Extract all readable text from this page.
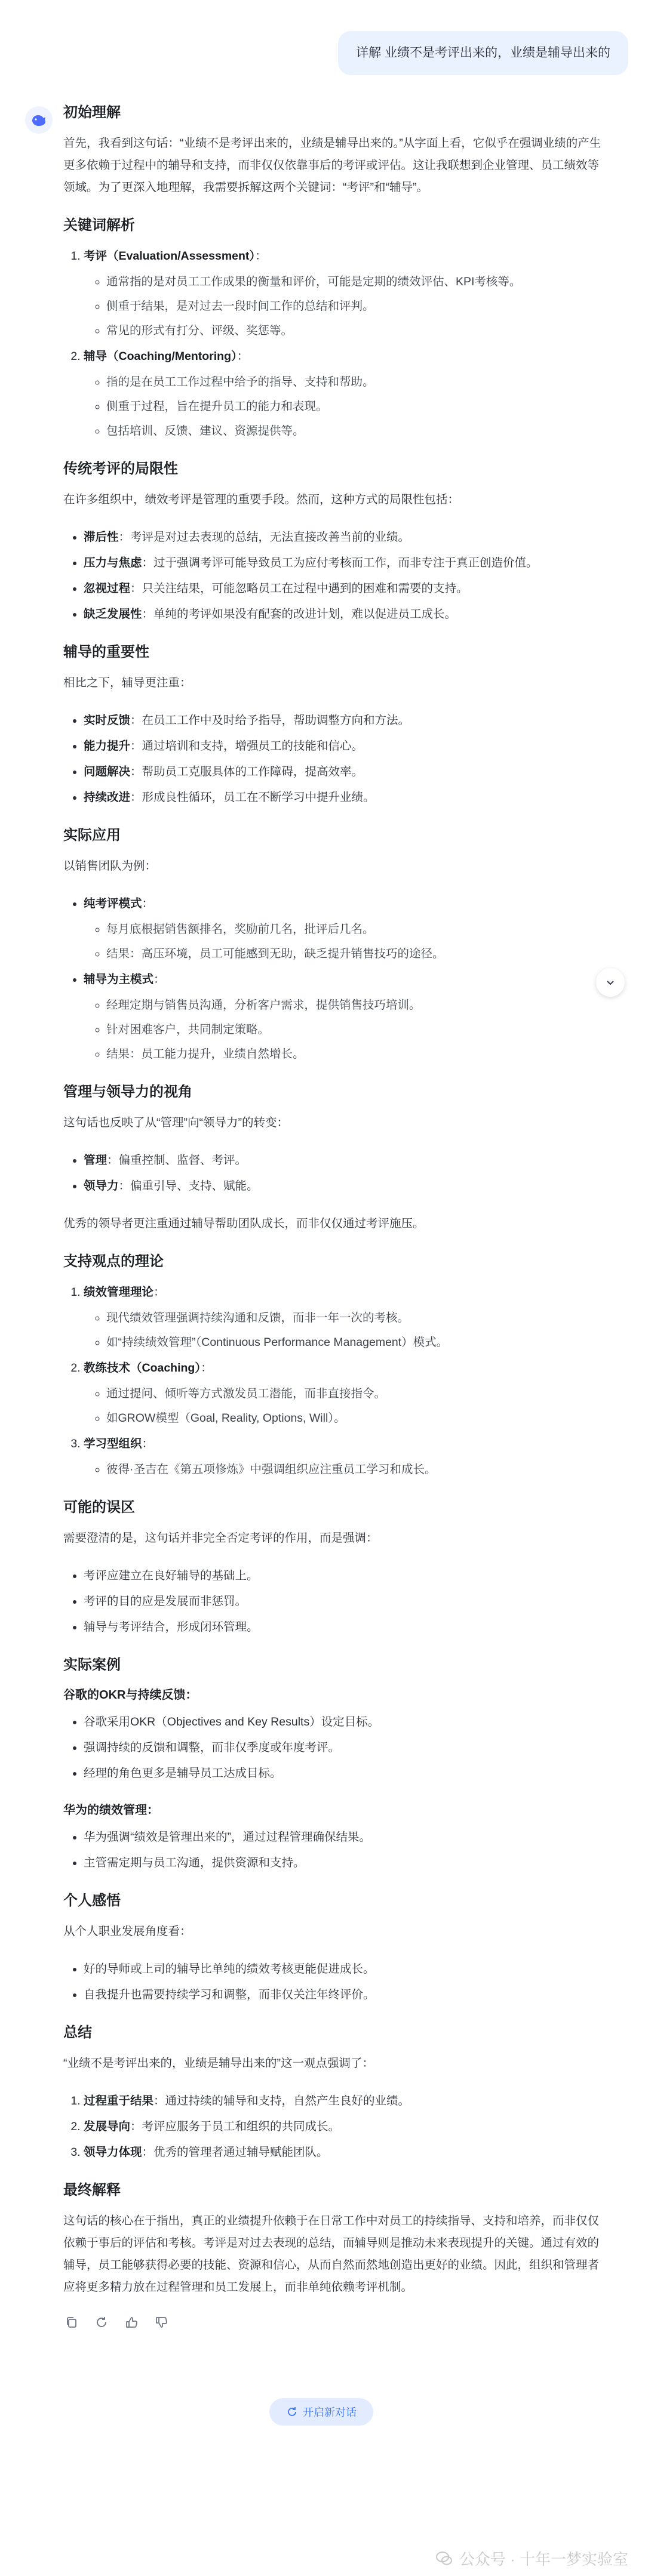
详解 业绩不是考评出来的，业绩是辅导出来的
初始理解

首先，我看到这句话：“业绩不是考评出来的，业绩是辅导出来的。”从字面上看，它似乎在强调业绩的产生更多依赖于过程中的辅导和支持，而非仅仅依靠事后的考评或评估。这让我联想到企业管理、员工绩效等领域。为了更深入地理解，我需要拆解这两个关键词：“考评”和“辅导”。

关键词解析
1. 考评（Evaluation/Assessment）：
◦ 通常指的是对员工工作成果的衡量和评价，可能是定期的绩效评估、KPI考核等。
◦ 侧重于结果，是对过去一段时间工作的总结和评判。
◦ 常见的形式有打分、评级、奖惩等。
2. 辅导（Coaching/Mentoring）：
◦ 指的是在员工工作过程中给予的指导、支持和帮助。
◦ 侧重于过程，旨在提升员工的能力和表现。
◦ 包括培训、反馈、建议、资源提供等。
传统考评的局限性

在许多组织中，绩效考评是管理的重要手段。然而，这种方式的局限性包括：

• 滞后性：考评是对过去表现的总结，无法直接改善当前的业绩。
• 压力与焦虑：过于强调考评可能导致员工为应付考核而工作，而非专注于真正创造价值。
• 忽视过程：只关注结果，可能忽略员工在过程中遇到的困难和需要的支持。
• 缺乏发展性：单纯的考评如果没有配套的改进计划，难以促进员工成长。
辅导的重要性

相比之下，辅导更注重：

• 实时反馈：在员工工作中及时给予指导，帮助调整方向和方法。
• 能力提升：通过培训和支持，增强员工的技能和信心。
• 问题解决：帮助员工克服具体的工作障碍，提高效率。
• 持续改进：形成良性循环，员工在不断学习中提升业绩。
实际应用

以销售团队为例：

• 纯考评模式：
◦ 每月底根据销售额排名，奖励前几名，批评后几名。
◦ 结果：高压环境，员工可能感到无助，缺乏提升销售技巧的途径。
• 辅导为主模式：
◦ 经理定期与销售员沟通，分析客户需求，提供销售技巧培训。
◦ 针对困难客户，共同制定策略。
◦ 结果：员工能力提升，业绩自然增长。
管理与领导力的视角

这句话也反映了从“管理”向“领导力”的转变：

• 管理：偏重控制、监督、考评。
• 领导力：偏重引导、支持、赋能。

优秀的领导者更注重通过辅导帮助团队成长，而非仅仅通过考评施压。

支持观点的理论
1. 绩效管理理论：
◦ 现代绩效管理强调持续沟通和反馈，而非一年一次的考核。
◦ 如“持续绩效管理”（Continuous Performance Management）模式。
2. 教练技术（Coaching）：
◦ 通过提问、倾听等方式激发员工潜能，而非直接指令。
◦ 如GROW模型（Goal, Reality, Options, Will）。
3. 学习型组织：
◦ 彼得·圣吉在《第五项修炼》中强调组织应注重员工学习和成长。
可能的误区

需要澄清的是，这句话并非完全否定考评的作用，而是强调：

• 考评应建立在良好辅导的基础上。
• 考评的目的应是发展而非惩罚。
• 辅导与考评结合，形成闭环管理。
实际案例
谷歌的OKR与持续反馈：
• 谷歌采用OKR（Objectives and Key Results）设定目标。
• 强调持续的反馈和调整，而非仅季度或年度考评。
• 经理的角色更多是辅导员工达成目标。
华为的绩效管理：
• 华为强调“绩效是管理出来的”，通过过程管理确保结果。
• 主管需定期与员工沟通，提供资源和支持。
个人感悟

从个人职业发展角度看：

• 好的导师或上司的辅导比单纯的绩效考核更能促进成长。
• 自我提升也需要持续学习和调整，而非仅关注年终评价。
总结

“业绩不是考评出来的，业绩是辅导出来的”这一观点强调了：

1. 过程重于结果：通过持续的辅导和支持，自然产生良好的业绩。
2. 发展导向：考评应服务于员工和组织的共同成长。
3. 领导力体现：优秀的管理者通过辅导赋能团队。
最终解释

这句话的核心在于指出，真正的业绩提升依赖于在日常工作中对员工的持续指导、支持和培养，而非仅仅依赖于事后的评估和考核。考评是对过去表现的总结，而辅导则是推动未来表现提升的关键。通过有效的辅导，员工能够获得必要的技能、资源和信心，从而自然而然地创造出更好的业绩。因此，组织和管理者应将更多精力放在过程管理和员工发展上，而非单纯依赖考评机制。

开启新对话
公众号 · 十年一梦实验室
